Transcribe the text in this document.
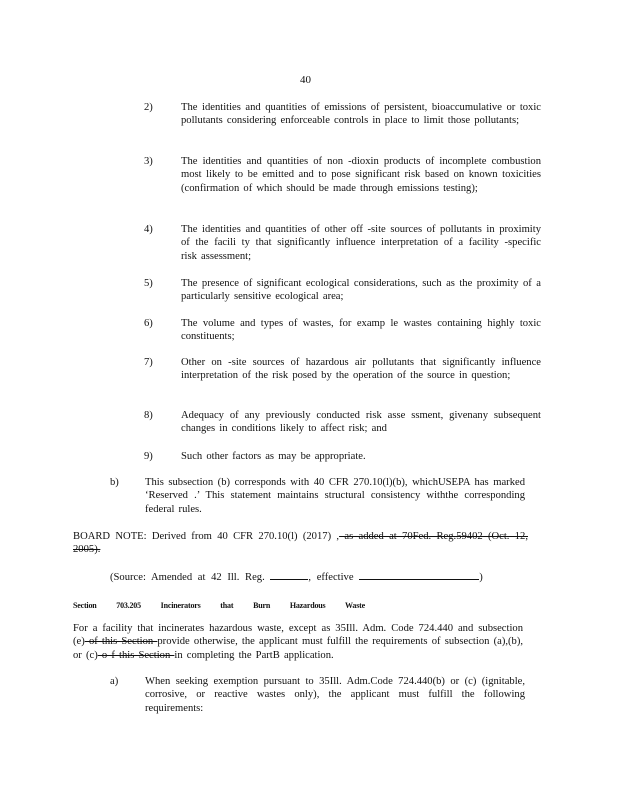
40
2)	The identities and quantities of emissions of persistent, bioaccumulative or toxic pollutants considering enforceable controls in place to limit those pollutants;
3)	The identities and quantities of non -dioxin products of incomplete combustion most likely to be emitted and to pose significant risk based on known toxicities (confirmation of which should be made through emissions testing);
4)	The identities and quantities of other off -site sources of pollutants in proximity of the facili ty that significantly influence interpretation of a facility -specific risk assessment;
5)	The presence of significant ecological considerations, such as the proximity of a particularly sensitive ecological area;
6)	The volume and types of wastes, for examp le wastes containing highly toxic constituents;
7)	Other on -site sources of hazardous air pollutants that significantly influence interpretation of the risk posed by the operation of the source in question;
8)	Adequacy of any previously conducted risk asse ssment, givenany subsequent changes in conditions likely to affect risk; and
9)	Such other factors as may be appropriate.
b) This subsection (b) corresponds with 40 CFR 270.10(l)(b), whichUSEPA has marked ‘Reserved .’ This statement maintains structural consistency withthe corresponding federal rules.
BOARD NOTE: Derived from 40 CFR 270.10(l) (2017) , as added at 70Fed. Reg.59402 (Oct. 12, 2005).
(Source: Amended at 42 Ill. Reg.	, effective	)
Section 703.205 Incinerators that Burn Hazardous Waste
For a facility that incinerates hazardous waste, except as 35Ill. Adm. Code 724.440 and subsection (e) of this Section provide otherwise, the applicant must fulfill the requirements of subsection (a),(b), or (c) o f this Section in completing the PartB application.
a)	When seeking exemption pursuant to 35Ill. Adm.Code 724.440(b) or (c) (ignitable, corrosive, or reactive wastes only), the applicant must fulfill the following requirements:
